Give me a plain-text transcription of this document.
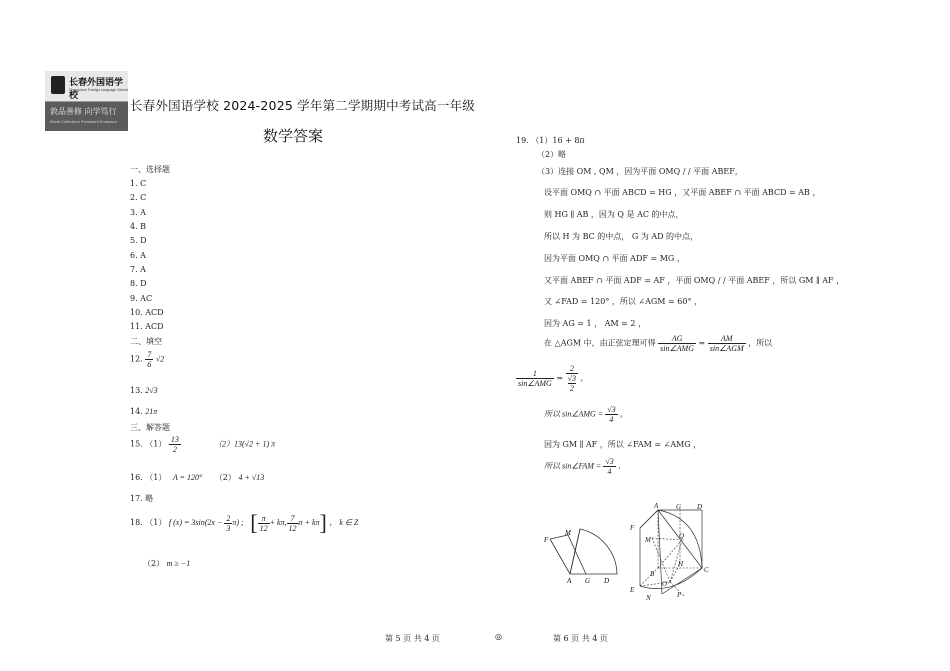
长春外国语学校
Changchun Foreign Language School
敦品善修 向学笃行
Moral Cultivation Persistent Endeavor
长春外国语学校 2024-2025 学年第二学期期中考试高一年级
数学答案
一、选择题
1. C
2. C
3. A
4. B
5. D
6. A
7. A
8. D
9. AC
10. ACD
11. ACD
二、填空
12. $\frac{7}{6} √2$
13. 2√3
14. 21π
三、解答题
15. $(1) \frac{13}{2}$	（2）13(√2 + 1) π
16. （1） A = 120° （2） 4 + √13
17. 略
18. （1） f $(x) = 3\sin(2x - \frac{2}{3} \pi)$ ; [ $\frac{\pi}{12} + k\pi$, $\frac{7}{12}$ π + kπ] ， k ∈ Z
（2） m ≥ −1
19. （1）16 + 8π
（2）略
（3）连接 OM , QM ，因为平面 OMQ / / 平面 ABEF，
设平面 OMQ ∩ 平面 ABCD = HG ，又平面 ABEF ∩ 平面 ABCD = AB ，
则 HG ∥ AB ，因为 Q 是 AC 的中点，
所以 H 为 BC 的中点， G 为 AD 的中点，
因为平面 OMQ ∩ 平面 ADF = MG ，
又平面 ABEF ∩ 平面 ADF = AF ，平面 OMQ / / 平面 ABEF ，所以 GM ∥ AF ，
又 ∠FAD = 120° ，所以 ∠AGM = 60° ，
因为 AG = 1 ， AM = 2 ，
在 △AGM 中，由正弦定理可得 $\frac{AG}{\text{sin∠AMG}} = \frac{AM}{\text{sin∠AGM}}$ ，所以
$\frac{1}{\text{sin∠AMG}} = 2$
√3
2 ,
所以 sin∠AMG = $\frac{√3}{4}$ ,
因为 GM ∥ AF ，所以 ∠FAM = ∠AMG ，
所以 sin∠FAM = $\frac{√3}{4}$ .
M
F
A G D
A	G D
F
M	Q
B
O
H
C
E
N	P
第 5 页 共 4 页	◎	第 6 页 共 4 页
